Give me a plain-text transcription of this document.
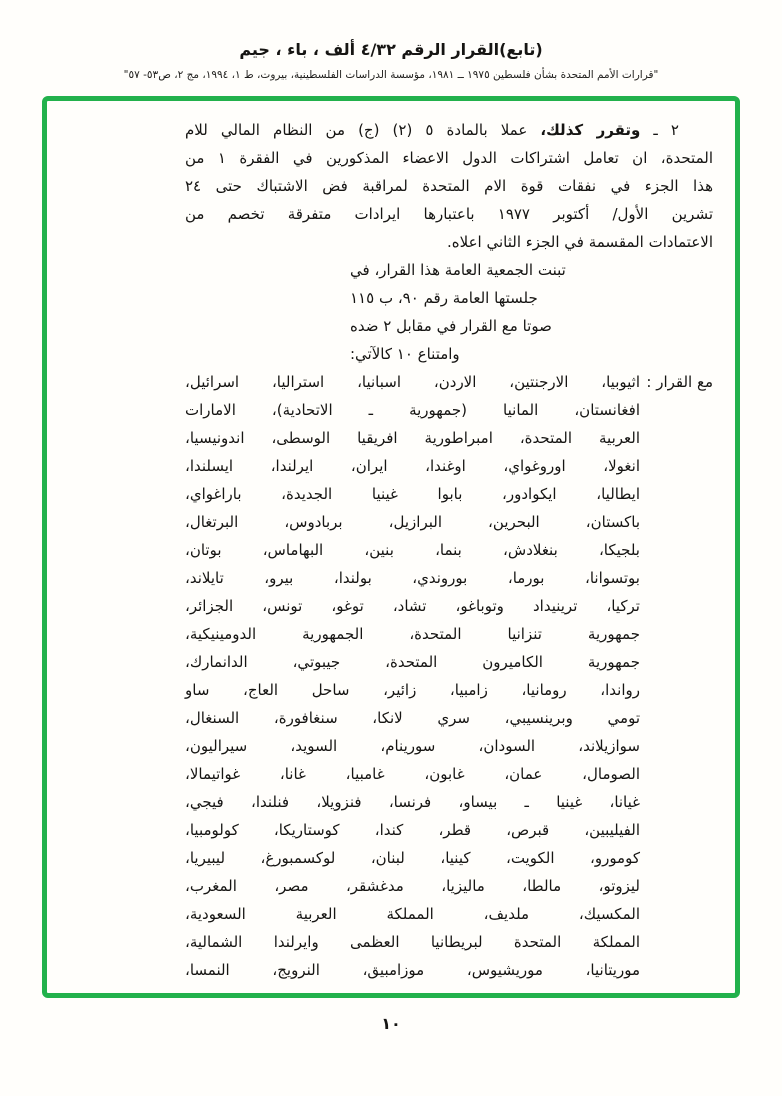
(تابع)القرار الرقم ٤/٣٢ ألف ، باء ، جيم
"قرارات الأمم المتحدة بشأن فلسطين ١٩٧٥ ــ ١٩٨١، مؤسسة الدراسات الفلسطينية، بيروت، ط ١، ١٩٩٤، مج ٢، ص٥٣- ٥٧"
٢ ـ وتقرر كذلك، عملا بالمادة ٥ (٢) (ج) من النظام المالي للام
المتحدة، ان تعامل اشتراكات الدول الاعضاء المذكورين في الفقرة ١ من
هذا الجزء في نفقات قوة الام المتحدة لمراقبة فض الاشتباك حتى ٢٤
تشرين الأول/ أكتوبر ١٩٧٧ باعتبارها ايرادات متفرقة تخصم من
الاعتمادات المقسمة في الجزء الثاني اعلاه.
تبنت الجمعية العامة هذا القرار، في
جلستها العامة رقم ٩٠، ب ١١٥
صوتا مع القرار في مقابل ٢ ضده
وامتناع ١٠ كالآتي:
مع القرار :
اثيوبيا، الارجنتين، الاردن، اسبانيا، استراليا، اسرائيل،
افغانستان، المانيا (جمهورية ـ الاتحادية)، الامارات
العربية المتحدة، امبراطورية افريقيا الوسطى، اندونيسيا،
انغولا، اوروغواي، اوغندا، ايران، ايرلندا، ايسلندا،
ايطاليا، ايكوادور، بابوا غينيا الجديدة، باراغواي،
باكستان، البحرين، البرازيل، بربادوس، البرتغال،
بلجيكا، بنغلادش، بنما، بنين، البهاماس، بوتان،
بوتسوانا، بورما، بوروندي، بولندا، بيرو، تايلاند،
تركيا، ترينيداد وتوباغو، تشاد، توغو، تونس، الجزائر،
جمهورية تنزانيا المتحدة، الجمهورية الدومينيكية،
جمهورية الكاميرون المتحدة، جيبوتي، الدانمارك،
رواندا، رومانيا، زامبيا، زائير، ساحل العاج، ساو
تومي وبرينسيبي، سري لانكا، سنغافورة، السنغال،
سوازيلاند، السودان، سورينام، السويد، سيراليون،
الصومال، عمان، غابون، غامبيا، غانا، غواتيمالا،
غيانا، غينيا ـ بيساو، فرنسا، فنزويلا، فنلندا، فيجي،
الفيليبين، قبرص، قطر، كندا، كوستاريكا، كولومبيا،
كومورو، الكويت، كينيا، لبنان، لوكسمبورغ، ليبيريا،
ليزوتو، مالطا، ماليزيا، مدغشقر، مصر، المغرب،
المكسيك، ملديف، المملكة العربية السعودية،
المملكة المتحدة لبريطانيا العظمى وايرلندا الشمالية،
موريتانيا، موريشيوس، موزامبيق، النرويج، النمسا،
١٠
